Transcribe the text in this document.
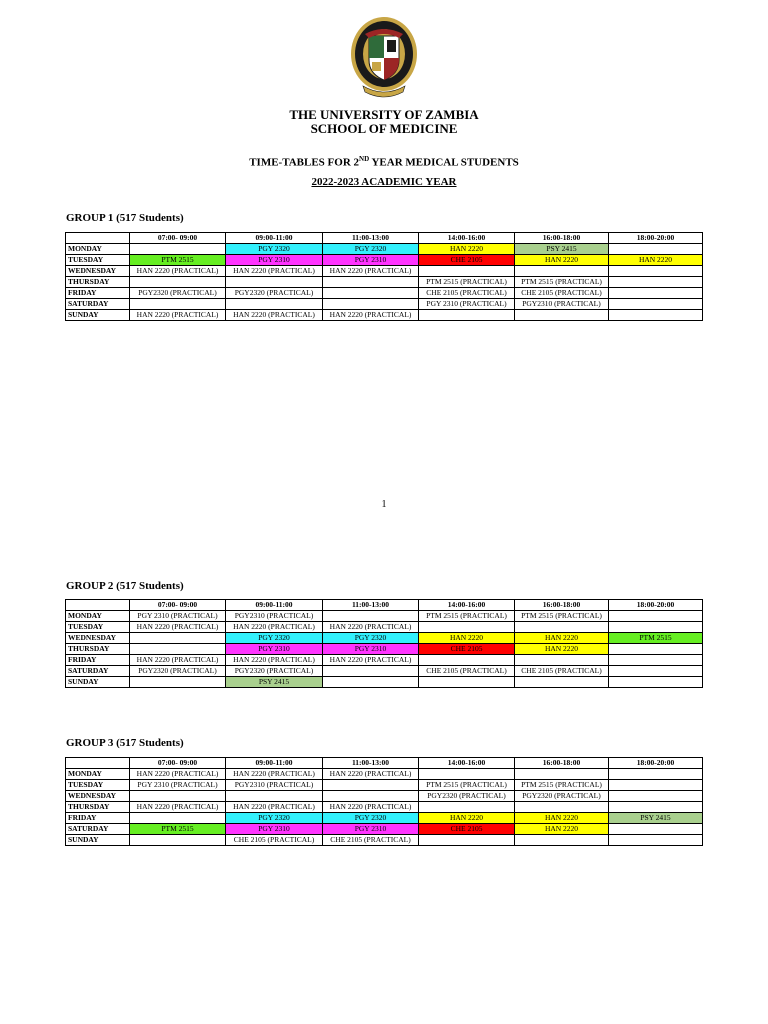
THE UNIVERSITY OF ZAMBIA
SCHOOL OF MEDICINE
TIME-TABLES FOR 2ND YEAR MEDICAL STUDENTS
2022-2023 ACADEMIC YEAR
GROUP 1 (517 Students)
	07:00- 09:00	09:00-11:00	11:00-13:00	14:00-16:00	16:00-18:00	18:00-20:00
MONDAY		PGY 2320	PGY 2320	HAN 2220	PSY 2415	
TUESDAY	PTM 2515	PGY 2310	PGY 2310	CHE 2105	HAN 2220	HAN 2220
WEDNESDAY	HAN 2220 (PRACTICAL)	HAN 2220 (PRACTICAL)	HAN 2220 (PRACTICAL)			
THURSDAY				PTM 2515 (PRACTICAL)	PTM 2515 (PRACTICAL)	
FRIDAY	PGY2320 (PRACTICAL)	PGY2320 (PRACTICAL)		CHE 2105 (PRACTICAL)	CHE 2105 (PRACTICAL)	
SATURDAY				PGY 2310 (PRACTICAL)	PGY2310 (PRACTICAL)	
SUNDAY	HAN 2220 (PRACTICAL)	HAN 2220 (PRACTICAL)	HAN 2220 (PRACTICAL)			
1
GROUP 2 (517 Students)
	07:00- 09:00	09:00-11:00	11:00-13:00	14:00-16:00	16:00-18:00	18:00-20:00
MONDAY	PGY 2310 (PRACTICAL)	PGY2310 (PRACTICAL)		PTM 2515 (PRACTICAL)	PTM 2515 (PRACTICAL)	
TUESDAY	HAN 2220 (PRACTICAL)	HAN 2220 (PRACTICAL)	HAN 2220 (PRACTICAL)			
WEDNESDAY		PGY 2320	PGY 2320	HAN 2220	HAN 2220	PTM 2515
THURSDAY		PGY 2310	PGY 2310	CHE 2105	HAN 2220	
FRIDAY	HAN 2220 (PRACTICAL)	HAN 2220 (PRACTICAL)	HAN 2220 (PRACTICAL)			
SATURDAY	PGY2320 (PRACTICAL)	PGY2320 (PRACTICAL)		CHE 2105 (PRACTICAL)	CHE 2105 (PRACTICAL)	
SUNDAY		PSY 2415				
GROUP 3 (517 Students)
	07:00- 09:00	09:00-11:00	11:00-13:00	14:00-16:00	16:00-18:00	18:00-20:00
MONDAY	HAN 2220 (PRACTICAL)	HAN 2220 (PRACTICAL)	HAN 2220 (PRACTICAL)			
TUESDAY	PGY 2310 (PRACTICAL)	PGY2310 (PRACTICAL)		PTM 2515 (PRACTICAL)	PTM 2515 (PRACTICAL)	
WEDNESDAY				PGY2320 (PRACTICAL)	PGY2320 (PRACTICAL)	
THURSDAY	HAN 2220 (PRACTICAL)	HAN 2220 (PRACTICAL)	HAN 2220 (PRACTICAL)			
FRIDAY		PGY 2320	PGY 2320	HAN 2220	HAN 2220	PSY 2415
SATURDAY	PTM 2515	PGY 2310	PGY 2310	CHE 2105	HAN 2220	
SUNDAY		CHE 2105 (PRACTICAL)	CHE 2105 (PRACTICAL)			
